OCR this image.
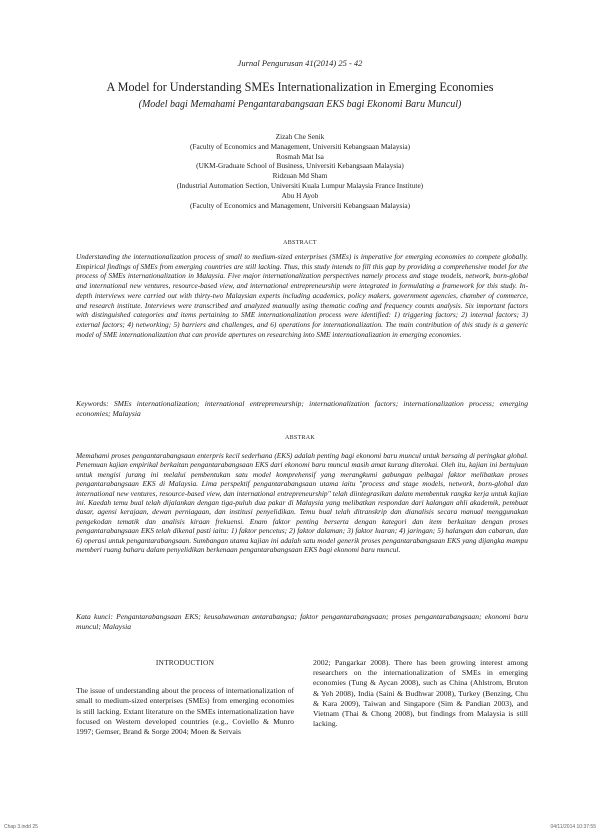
Jurnal Pengurusan 41(2014) 25 - 42
A Model for Understanding SMEs Internationalization in Emerging Economies
(Model bagi Memahami Pengantarabangsaan EKS bagi Ekonomi Baru Muncul)
Zizah Che Senik
(Faculty of Economics and Management, Universiti Kebangsaan Malaysia)
Rosmah Mat Isa
(UKM-Graduate School of Business, Universiti Kebangsaan Malaysia)
Ridzuan Md Sham
(Industrial Automation Section, Universiti Kuala Lumpur Malaysia France Institute)
Abu H Ayob
(Faculty of Economics and Management, Universiti Kebangsaan Malaysia)
ABSTRACT
Understanding the internationalization process of small to medium-sized enterprises (SMEs) is imperative for emerging economies to compete globally. Empirical findings of SMEs from emerging countries are still lacking. Thus, this study intends to fill this gap by providing a comprehensive model for the process of SMEs internationalization in Malaysia. Five major internationalization perspectives namely process and stage models, network, born-global and international new ventures, resource-based view, and international entrepreneurship were integrated in formulating a framework for this study. In-depth interviews were carried out with thirty-two Malaysian experts including academics, policy makers, government agencies, chamber of commerce, and research institute. Interviews were transcribed and analyzed manually using thematic coding and frequency counts analysis. Six important factors with distinguished categories and items pertaining to SME internationalization process were identified: 1) triggering factors; 2) internal factors; 3) external factors; 4) networking; 5) barriers and challenges, and 6) operations for internationalization. The main contribution of this study is a generic model of SME internationalization that can provide apertures on researching into SME internationalization in emerging economies.
Keywords: SMEs internationalization; international entrepreneurship; internationalization factors; internationalization process; emerging economies; Malaysia
ABSTRAK
Memahami proses pengantarabangsaan enterpris kecil sederhana (EKS) adalah penting bagi ekonomi baru muncul untuk bersaing di peringkat global. Penemuan kajian empirikal berkaitan pengantarabangsaan EKS dari ekonomi baru muncul masih amat kurang diterokai. Oleh itu, kajian ini bertujuan untuk mengisi jurang ini melalui pembentukan satu model komprehensif yang merangkumi gabungan pelbagai faktor melibatkan proses pengantarabangsaan EKS di Malaysia. Lima perspektif pengantarabangsaan utama iaitu "process and stage models, network, born-global dan international new ventures, resource-based view, dan international entrepreneurship" telah diintegrasikan dalam membentuk rangka kerja untuk kajian ini. Kaedah temu bual telah dijalankan dengan tiga-puluh dua pakar di Malaysia yang melibatkan respondan dari kalangan ahli akademik, pembuat dasar, agensi kerajaan, dewan perniagaan, dan institusi penyelidikan. Temu bual telah ditranskrip dan dianalisis secara manual menggunakan pengekodan tematik dan analisis kiraan frekuensi. Enam faktor penting berserta dengan kategori dan item berkaitan dengan proses pengantarabangsaan EKS telah dikenal pasti iaitu: 1) faktor pencetus; 2) faktor dalaman; 3) faktor luaran; 4) jaringan; 5) halangan dan cabaran, dan 6) operasi untuk pengantarabangsaan. Sumbangan utama kajian ini adalah satu model generik proses pengantarabangsaan EKS yang dijangka mampu memberi ruang baharu dalam penyelidikan berkenaan pengantarabangsaan EKS bagi ekonomi baru muncul.
Kata kunci: Pengantarabangsaan EKS; keusahawanan antarabangsa; faktor pengantarabangsaan; proses pengantarabangsaan; ekonomi baru muncul; Malaysia
INTRODUCTION
The issue of understanding about the process of internationalization of small to medium-sized enterprises (SMEs) from emerging economies is still lacking. Extant literature on the SMEs internationalization have focused on Western developed countries (e.g., Coviello & Munro 1997; Gemser, Brand & Sorge 2004; Moen & Servais
2002; Pangarkar 2008). There has been growing interest among researchers on the internationalization of SMEs in emerging economies (Tung & Aycan 2008), such as China (Ahlstrom, Bruton & Yeh 2008), India (Saini & Budhwar 2008), Turkey (Benzing, Chu & Kara 2009), Taiwan and Singapore (Sim & Pandian 2003), and Vietnam (Thai & Chong 2008), but findings from Malaysia is still lacking.
Chap 3.indd 25	04/11/2014 10:37:55
